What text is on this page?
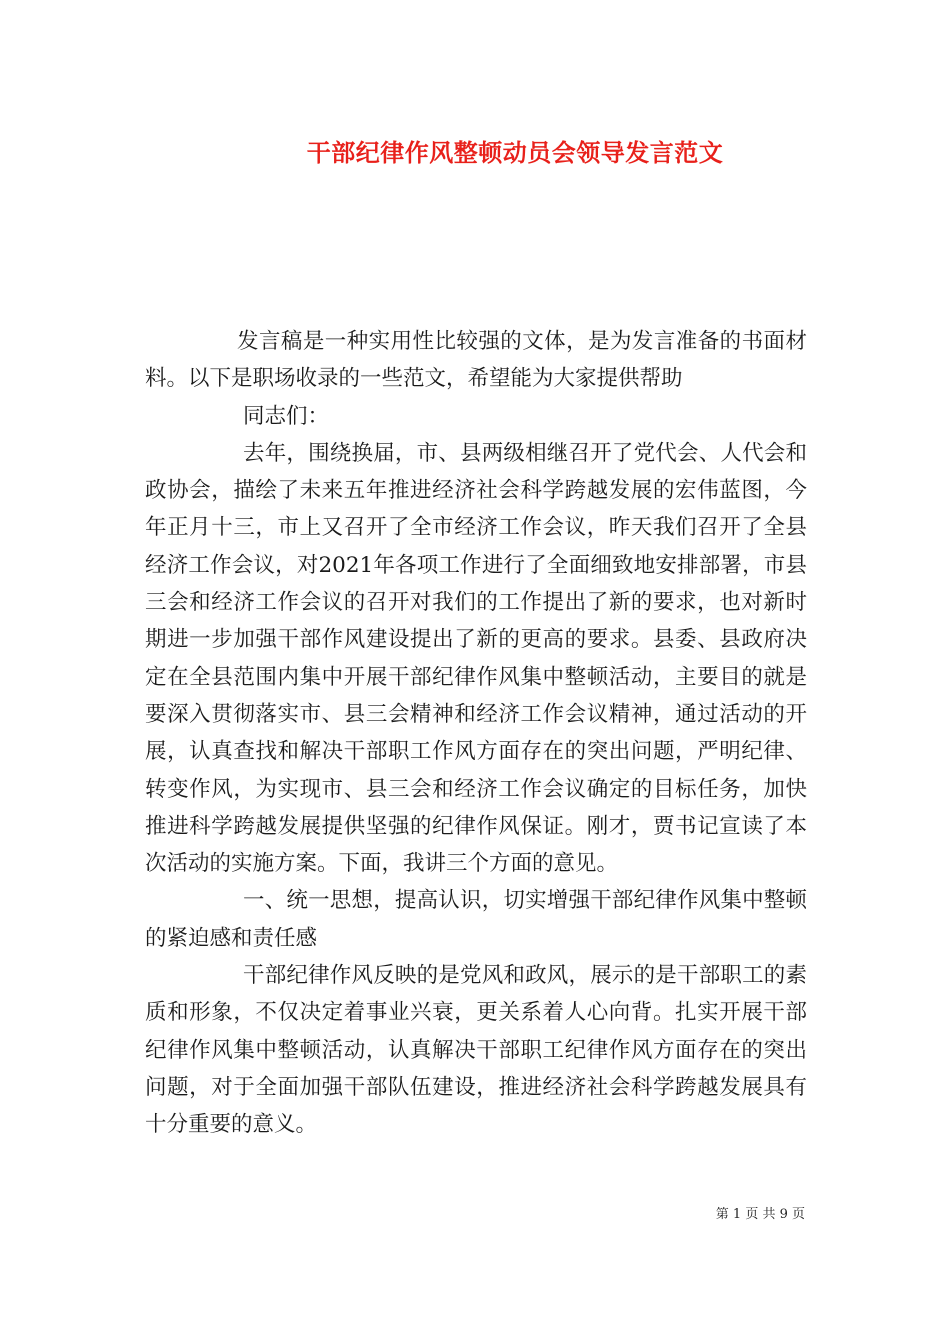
干部纪律作风整顿动员会领导发言范文

发言稿是一种实用性比较强的文体，是为发言准备的书面材料。以下是职场收录的一些范文，希望能为大家提供帮助

同志们：

去年，围绕换届，市、县两级相继召开了党代会、人代会和政协会，描绘了未来五年推进经济社会科学跨越发展的宏伟蓝图，今年正月十三，市上又召开了全市经济工作会议，昨天我们召开了全县经济工作会议，对2021年各项工作进行了全面细致地安排部署，市县三会和经济工作会议的召开对我们的工作提出了新的要求，也对新时期进一步加强干部作风建设提出了新的更高的要求。县委、县政府决定在全县范围内集中开展干部纪律作风集中整顿活动，主要目的就是要深入贯彻落实市、县三会精神和经济工作会议精神，通过活动的开展，认真查找和解决干部职工作风方面存在的突出问题，严明纪律、转变作风，为实现市、县三会和经济工作会议确定的目标任务，加快推进科学跨越发展提供坚强的纪律作风保证。刚才，贾书记宣读了本次活动的实施方案。下面，我讲三个方面的意见。

一、统一思想，提高认识，切实增强干部纪律作风集中整顿的紧迫感和责任感

干部纪律作风反映的是党风和政风，展示的是干部职工的素质和形象，不仅决定着事业兴衰，更关系着人心向背。扎实开展干部纪律作风集中整顿活动，认真解决干部职工纪律作风方面存在的突出问题，对于全面加强干部队伍建设，推进经济社会科学跨越发展具有十分重要的意义。

第 1 页 共 9 页
